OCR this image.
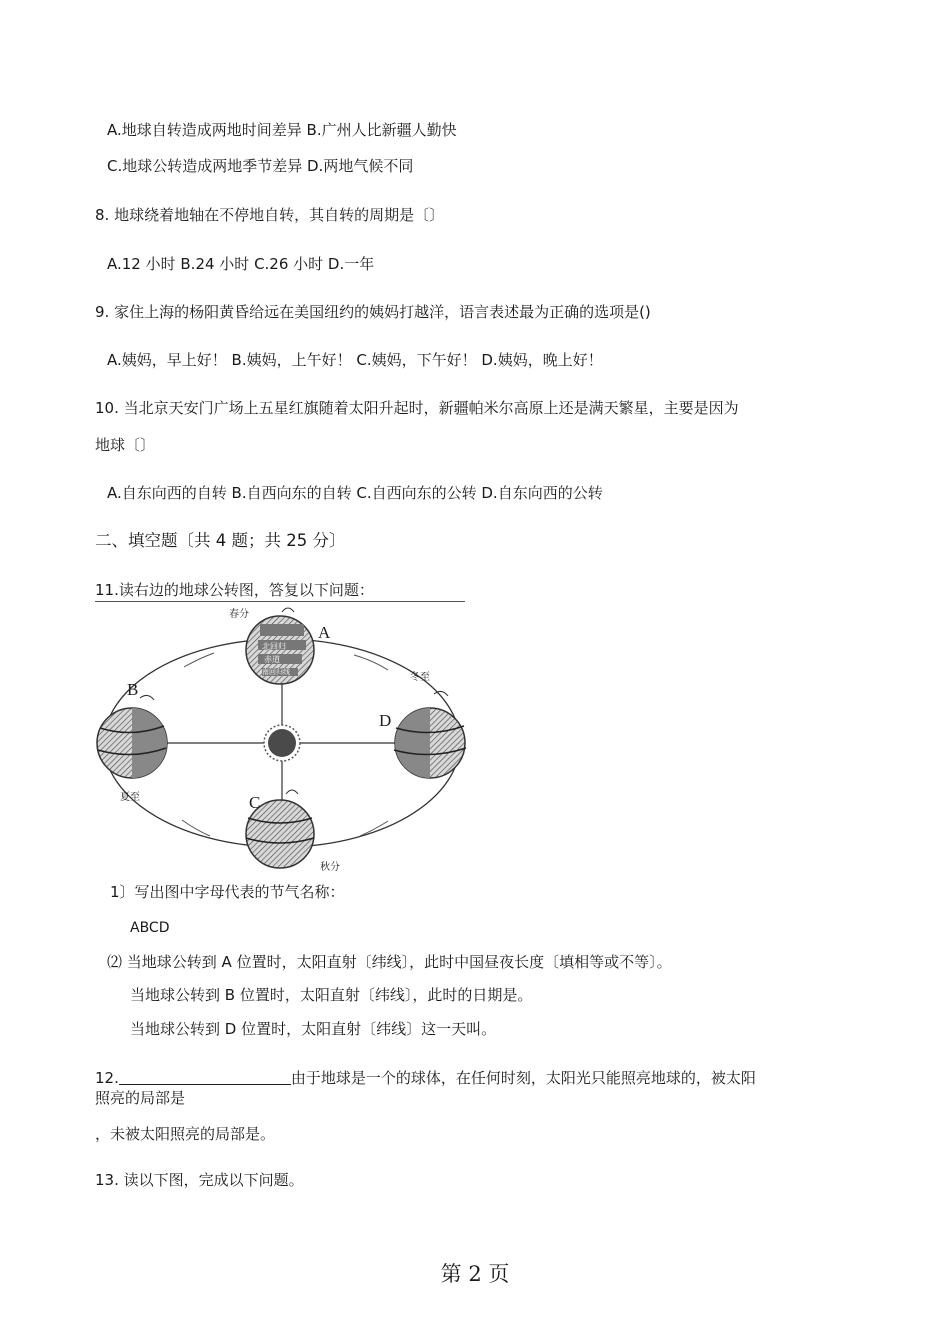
A.地球自转造成两地时间差异 B.广州人比新疆人勤快
C.地球公转造成两地季节差异 D.两地气候不同
8. 地球绕着地轴在不停地自转，其自转的周期是〔〕
A.12 小时 B.24 小时 C.26 小时 D.一年
9. 家住上海的杨阳黄昏给远在美国纽约的姨妈打越洋，语言表述最为正确的选项是()
A.姨妈，早上好！ B.姨妈，上午好！ C.姨妈，下午好！ D.姨妈，晚上好！
10. 当北京天安门广场上五星红旗随着太阳升起时，新疆帕米尔高原上还是满天繁星，主要是因为
地球〔〕
A.自东向西的自转 B.自西向东的自转 C.自西向东的公转 D.自东向西的公转
二、填空题〔共 4 题；共 25 分〕
11.读右边的地球公转图，答复以下问题：
北回归
赤道
南回归线
春分
冬至
夏至
秋分
A
B
C
D
1〕写出图中字母代表的节气名称：
ABCD
⑵ 当地球公转到 A 位置时，太阳直射〔纬线〕，此时中国昼夜长度〔填相等或不等〕。
当地球公转到 B 位置时，太阳直射〔纬线〕，此时的日期是。
当地球公转到 D 位置时，太阳直射〔纬线〕这一天叫。
12.	由于地球是一个的球体，在任何时刻，太阳光只能照亮地球的，被太阳
照亮的局部是
，未被太阳照亮的局部是。
13. 读以下图，完成以下问题。
第 2 页
